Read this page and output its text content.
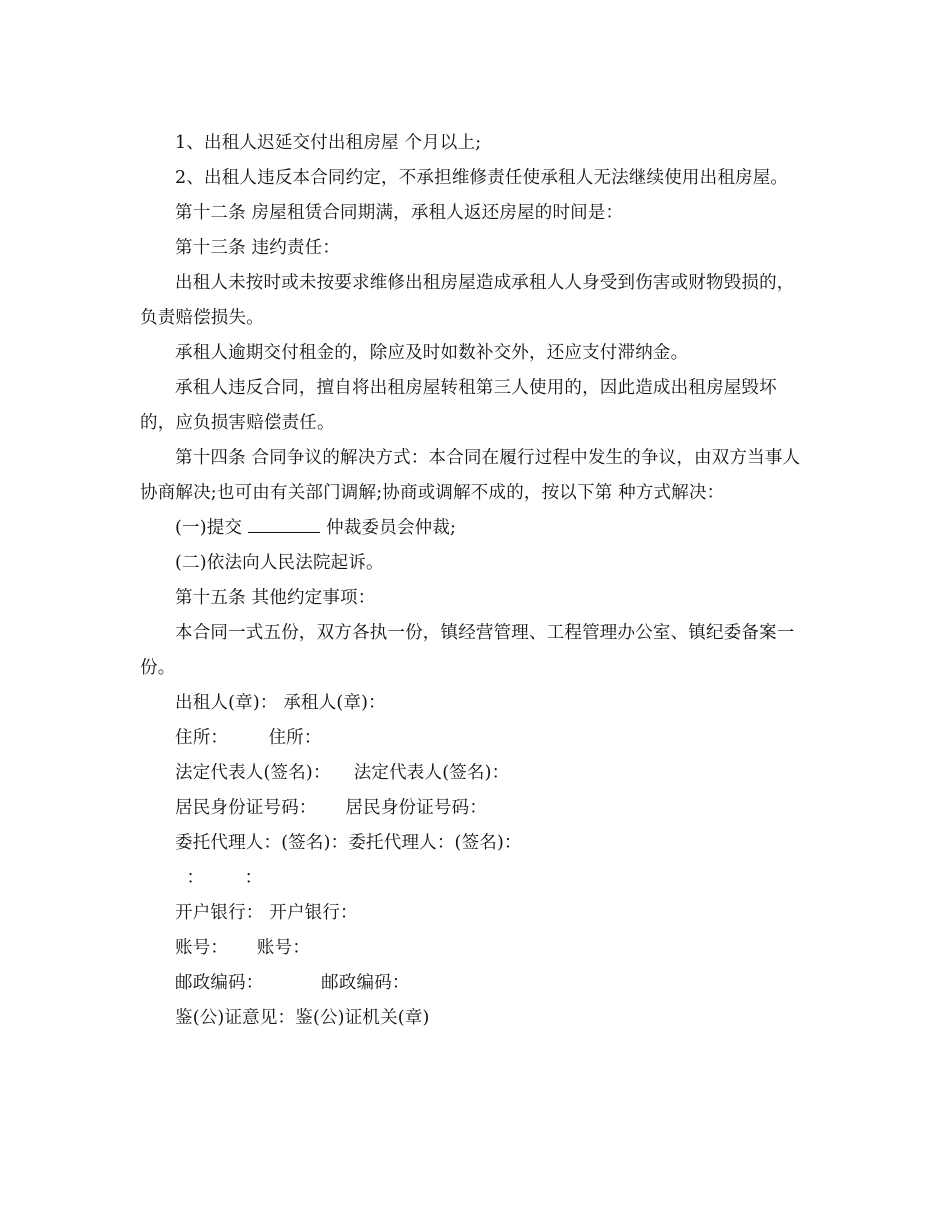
1、出租人迟延交付出租房屋 个月以上;

2、出租人违反本合同约定，不承担维修责任使承租人无法继续使用出租房屋。

第十二条 房屋租赁合同期满，承租人返还房屋的时间是：

第十三条 违约责任：

出租人未按时或未按要求维修出租房屋造成承租人人身受到伤害或财物毁损的，负责赔偿损失。

承租人逾期交付租金的，除应及时如数补交外，还应支付滞纳金。

承租人违反合同，擅自将出租房屋转租第三人使用的，因此造成出租房屋毁坏的，应负损害赔偿责任。

第十四条 合同争议的解决方式：本合同在履行过程中发生的争议，由双方当事人协商解决;也可由有关部门调解;协商或调解不成的，按以下第 种方式解决：

(一)提交	仲裁委员会仲裁;

(二)依法向人民法院起诉。

第十五条 其他约定事项：

本合同一式五份，双方各执一份，镇经营管理、工程管理办公室、镇纪委备案一份。

出租人(章)： 承租人(章)：

住所：       住所：

法定代表人(签名)：    法定代表人(签名)：

居民身份证号码：     居民身份证号码：

委托代理人：(签名)：委托代理人：(签名)：

：       ：

开户银行： 开户银行：

账号：     账号：

邮政编码：          邮政编码：

鉴(公)证意见：鉴(公)证机关(章)
